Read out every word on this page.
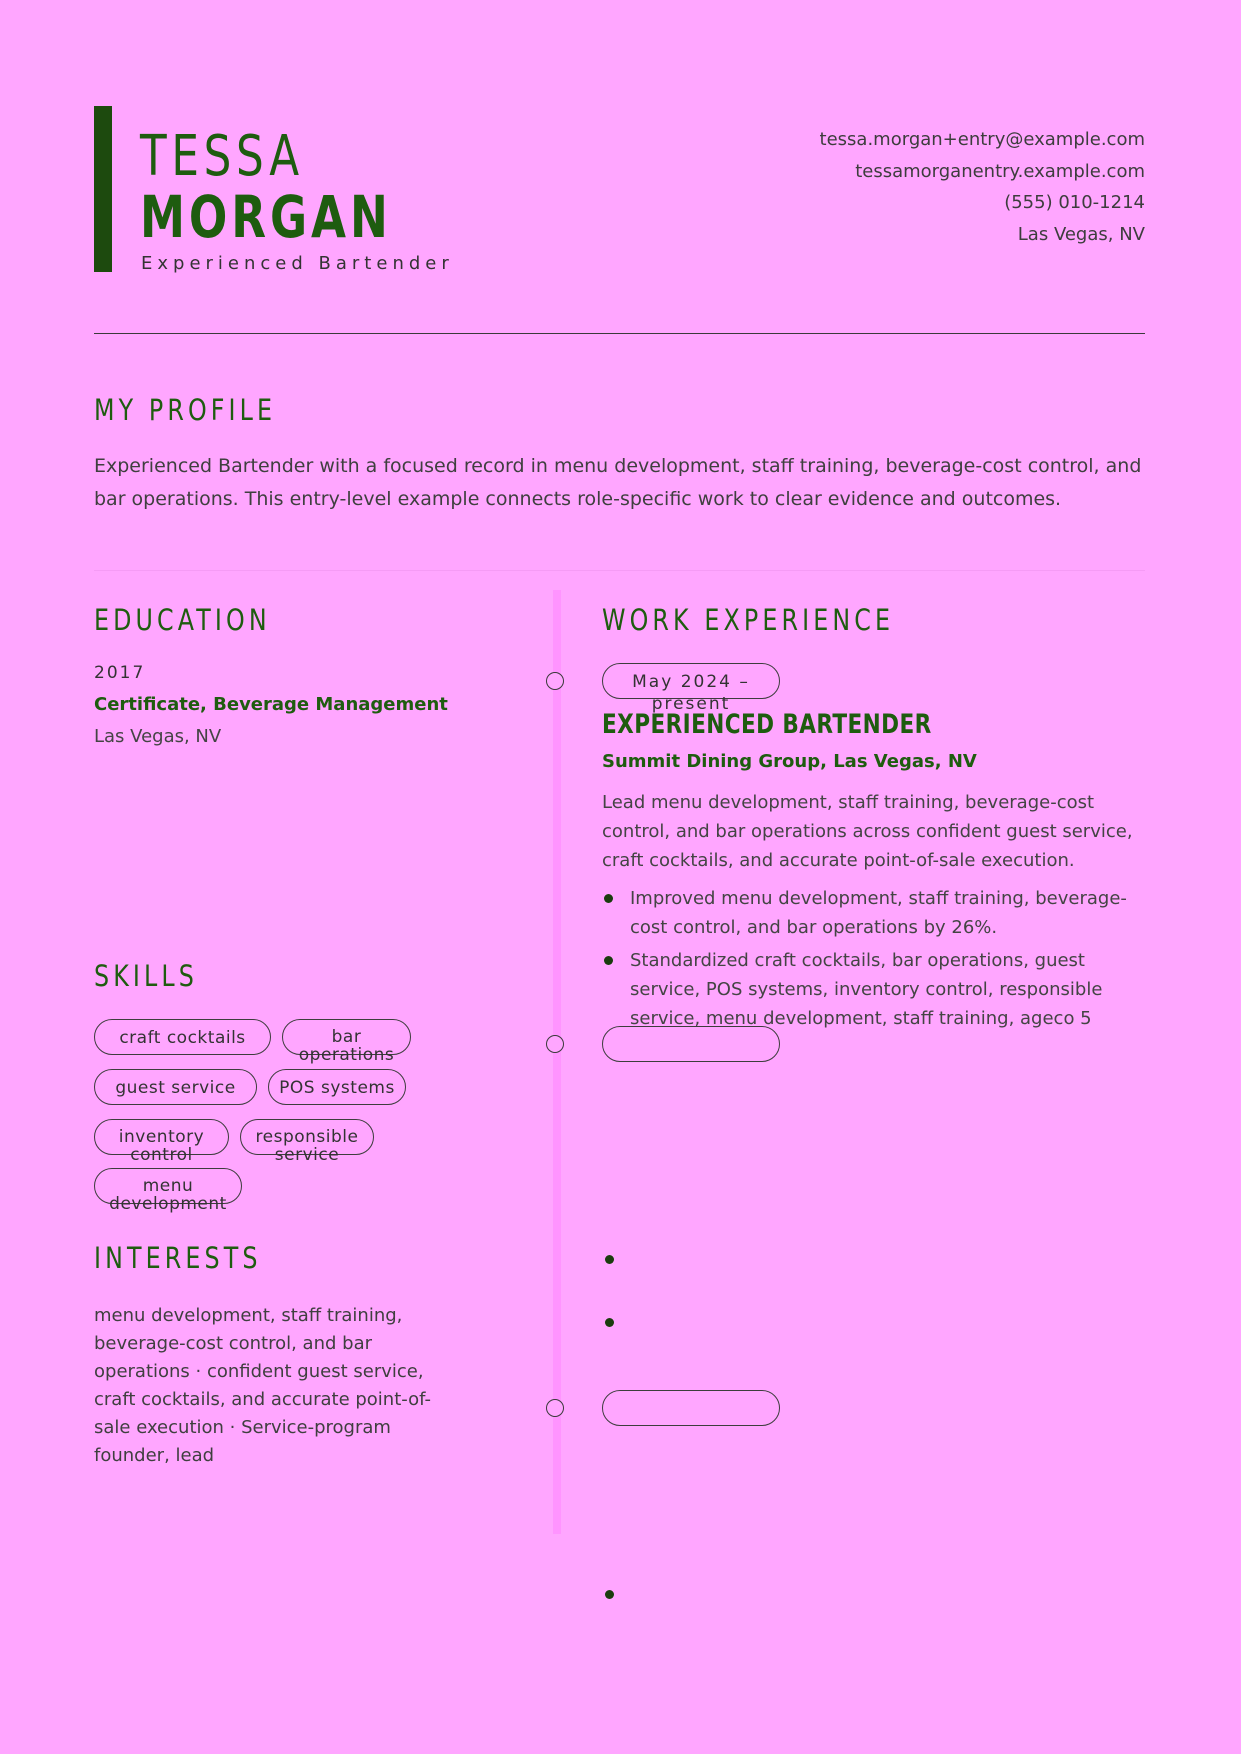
TESSA
MORGAN
Experienced Bartender
tessa.morgan+entry@example.com
tessamorganentry.example.com
(555) 010-1214
Las Vegas, NV
MY PROFILE
Experienced Bartender with a focused record in menu development, staff training, beverage-cost control, and bar operations. This entry-level example connects role-specific work to clear evidence and outcomes.
EDUCATION
2017
Certificate, Beverage Management
Las Vegas, NV
SKILLS
craft cocktails	bar operations
guest service	POS systems
inventory control
responsible service
menu development
INTERESTS
menu development, staff training, beverage-cost control, and bar operations · confident guest service, craft cocktails, and accurate point-of-sale execution · Service-program founder, lead
WORK EXPERIENCE
May 2024 – present
EXPERIENCED BARTENDER
Summit Dining Group, Las Vegas, NV
Lead menu development, staff training, beverage-cost control, and bar operations across confident guest service, craft cocktails, and accurate point-of-sale execution.
Improved menu development, staff training, beverage-cost control, and bar operations by 26%.
Standardized craft cocktails, bar operations, guest service, POS systems, inventory control, responsible service, menu development, staff training, ageco 5
